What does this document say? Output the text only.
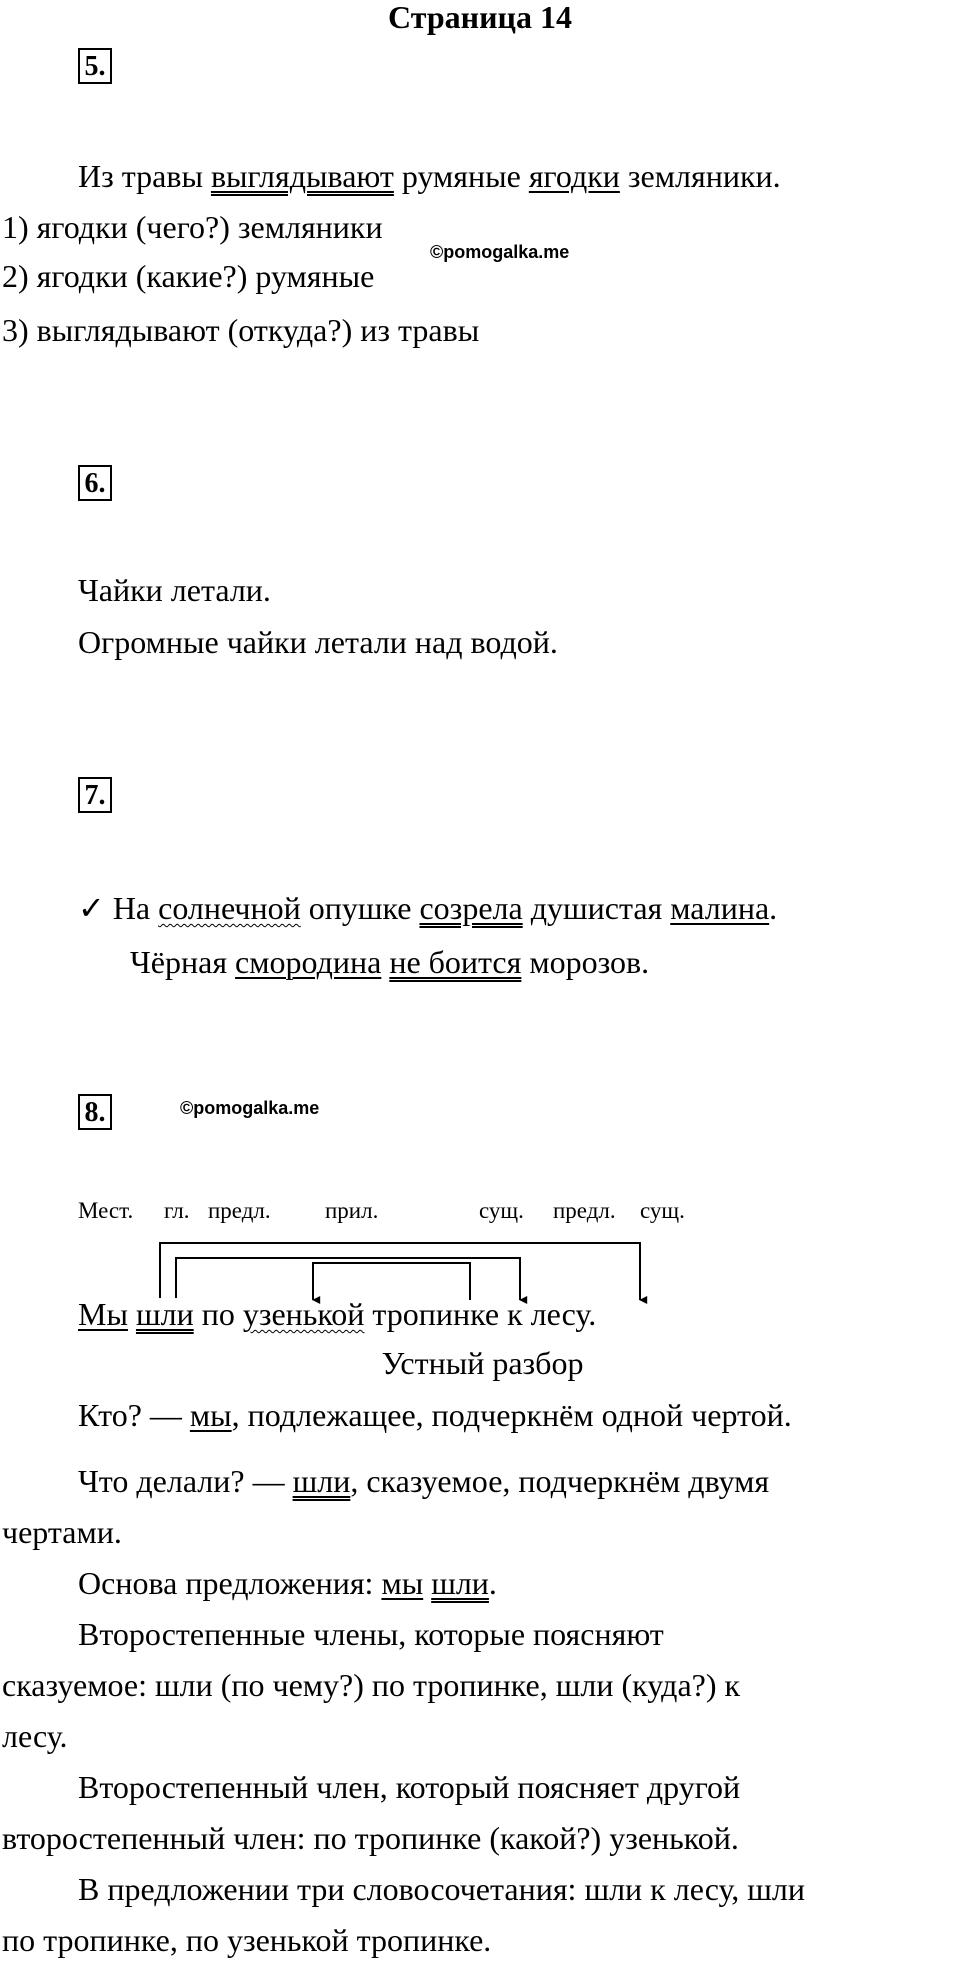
Страница 14
5.
Из травы выглядывают румяные ягодки земляники.
1) ягодки (чего?) земляники
©pomogalka.me
2) ягодки (какие?) румяные
3) выглядывают (откуда?) из травы
6.
Чайки летали.
Огромные чайки летали над водой.
7.
✓ На солнечной опушке созрела душистая малина.
Чёрная смородина не боится морозов.
8.	©pomogalka.me
Мест. гл. предл. прил.	сущ. предл. сущ.
Мы шли по узенькой тропинке к лесу.
Устный разбор
Кто? — мы, подлежащее, подчеркнём одной чертой.
Что делали? — шли, сказуемое, подчеркнём двумя
чертами.
Основа предложения: мы шли.
Второстепенные члены, которые поясняют
сказуемое: шли (по чему?) по тропинке, шли (куда?) к
лесу.
Второстепенный член, который поясняет другой
второстепенный член: по тропинке (какой?) узенькой.
В предложении три словосочетания: шли к лесу, шли
по тропинке, по узенькой тропинке.
